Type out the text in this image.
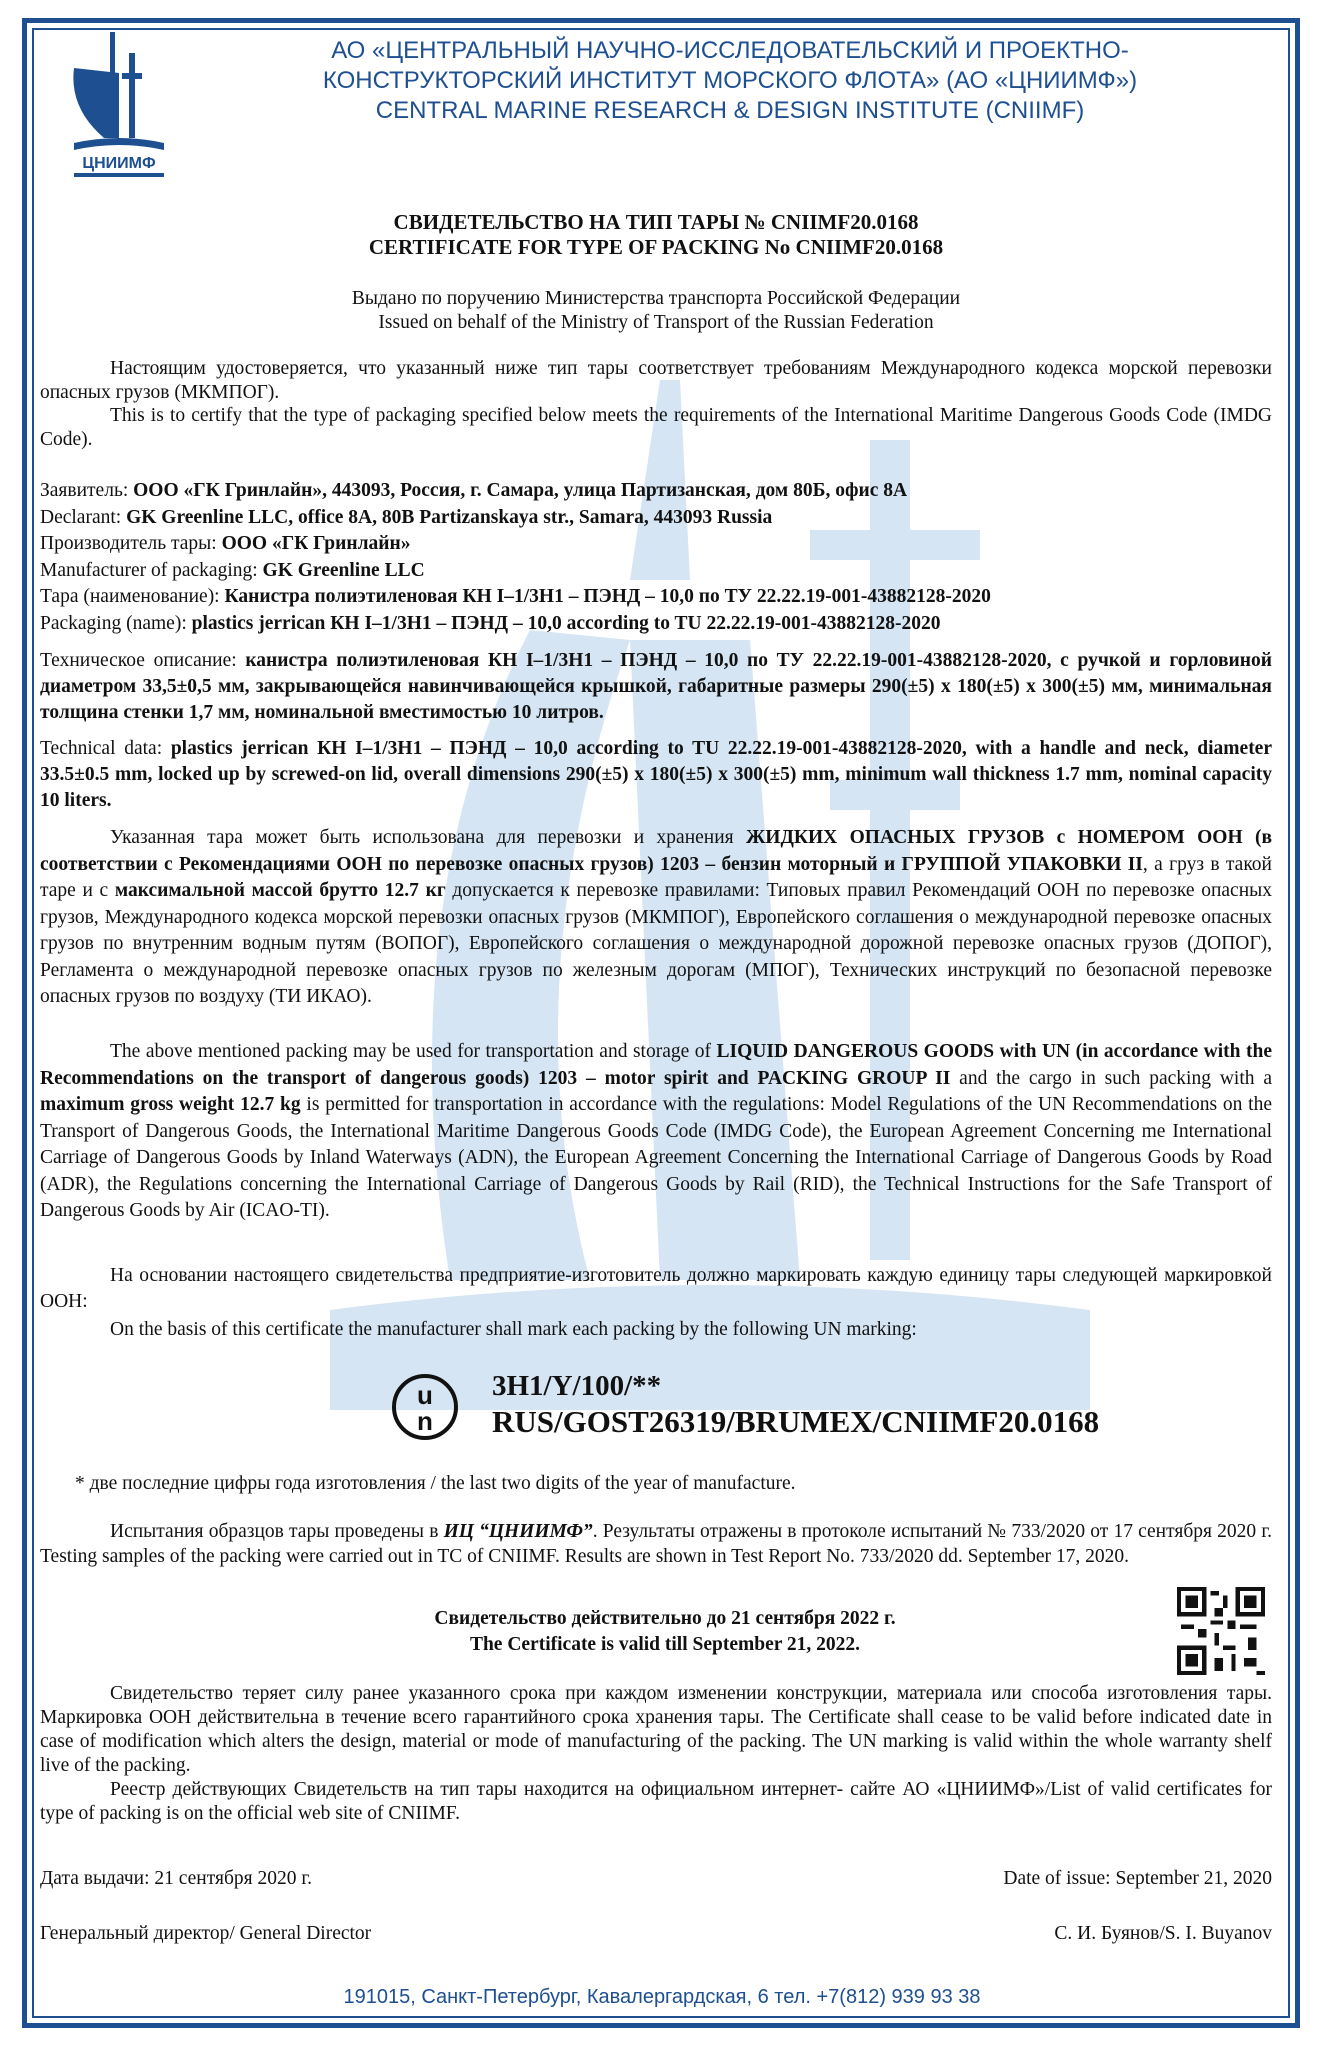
ЦНИИМФ
АО «ЦЕНТРАЛЬНЫЙ НАУЧНО-ИССЛЕДОВАТЕЛЬСКИЙ И ПРОЕКТНО-
КОНСТРУКТОРСКИЙ ИНСТИТУТ МОРСКОГО ФЛОТА» (АО «ЦНИИМФ»)
CENTRAL MARINE RESEARCH & DESIGN INSTITUTE (CNIIMF)
СВИДЕТЕЛЬСТВО НА ТИП ТАРЫ № CNIIMF20.0168
CERTIFICATE FOR TYPE OF PACKING No CNIIMF20.0168
Выдано по поручению Министерства транспорта Российской Федерации
Issued on behalf of the Ministry of Transport of the Russian Federation
Настоящим удостоверяется, что указанный ниже тип тары соответствует требованиям Международного кодекса морской перевозки опасных грузов (МКМПОГ).
This is to certify that the type of packaging specified below meets the requirements of the International Maritime Dangerous Goods Code (IMDG Code).
Заявитель: ООО «ГК Гринлайн», 443093, Россия, г. Самара, улица Партизанская, дом 80Б, офис 8А
Declarant: GK Greenline LLC, office 8A, 80B Partizanskaya str., Samara, 443093 Russia
Производитель тары: ООО «ГК Гринлайн»
Manufacturer of packaging: GK Greenline LLC
Тара (наименование): Канистра полиэтиленовая КН I–1/3Н1 – ПЭНД – 10,0 по ТУ 22.22.19-001-43882128-2020
Packaging (name): plastics jerrican КН I–1/3Н1 – ПЭНД – 10,0 according to TU 22.22.19-001-43882128-2020
Техническое описание: канистра полиэтиленовая КН I–1/3Н1 – ПЭНД – 10,0 по ТУ 22.22.19-001-43882128-2020, с ручкой и горловиной диаметром 33,5±0,5 мм, закрывающейся навинчивающейся крышкой, габаритные размеры 290(±5) х 180(±5) х 300(±5) мм, минимальная толщина стенки 1,7 мм, номинальной вместимостью 10 литров.
Technical data: plastics jerrican КН I–1/3Н1 – ПЭНД – 10,0 according to TU 22.22.19-001-43882128-2020, with a handle and neck, diameter 33.5±0.5 mm, locked up by screwed-on lid, overall dimensions 290(±5) x 180(±5) x 300(±5) mm, minimum wall thickness 1.7 mm, nominal capacity 10 liters.
Указанная тара может быть использована для перевозки и хранения ЖИДКИХ ОПАСНЫХ ГРУЗОВ с НОМЕРОМ ООН (в соответствии с Рекомендациями ООН по перевозке опасных грузов) 1203 – бензин моторный и ГРУППОЙ УПАКОВКИ II, а груз в такой таре и с максимальной массой брутто 12.7 кг допускается к перевозке правилами: Типовых правил Рекомендаций ООН по перевозке опасных грузов, Международного кодекса морской перевозки опасных грузов (МКМПОГ), Европейского соглашения о международной перевозке опасных грузов по внутренним водным путям (ВОПОГ), Европейского соглашения о международной дорожной перевозке опасных грузов (ДОПОГ), Регламента о международной перевозке опасных грузов по железным дорогам (МПОГ), Технических инструкций по безопасной перевозке опасных грузов по воздуху (ТИ ИКАО).
The above mentioned packing may be used for transportation and storage of LIQUID DANGEROUS GOODS with UN (in accordance with the Recommendations on the transport of dangerous goods) 1203 – motor spirit and PACKING GROUP II and the cargo in such packing with a maximum gross weight 12.7 kg is permitted for transportation in accordance with the regulations: Model Regulations of the UN Recommendations on the Transport of Dangerous Goods, the International Maritime Dangerous Goods Code (IMDG Code), the European Agreement Concerning me International Carriage of Dangerous Goods by Inland Waterways (ADN), the European Agreement Concerning the International Carriage of Dangerous Goods by Road (ADR), the Regulations concerning the International Carriage of Dangerous Goods by Rail (RID), the Technical Instructions for the Safe Transport of Dangerous Goods by Air (ICAO-TI).
На основании настоящего свидетельства предприятие-изготовитель должно маркировать каждую единицу тары следующей маркировкой ООН:
On the basis of this certificate the manufacturer shall mark each packing by the following UN marking:
u
n
3H1/Y/100/**
RUS/GOST26319/BRUMEX/CNIIMF20.0168
* две последние цифры года изготовления / the last two digits of the year of manufacture.
Испытания образцов тары проведены в ИЦ “ЦНИИМФ”. Результаты отражены в протоколе испытаний № 733/2020 от 17 сентября 2020 г. Testing samples of the packing were carried out in TC of CNIIMF. Results are shown in Test Report No. 733/2020 dd. September 17, 2020.
Свидетельство действительно до 21 сентября 2022 г.
The Certificate is valid till September 21, 2022.
Свидетельство теряет силу ранее указанного срока при каждом изменении конструкции, материала или способа изготовления тары. Маркировка ООН действительна в течение всего гарантийного срока хранения тары. The Certificate shall cease to be valid before indicated date in case of modification which alters the design, material or mode of manufacturing of the packing. The UN marking is valid within the whole warranty shelf live of the packing.
Реестр действующих Свидетельств на тип тары находится на официальном интернет- сайте АО «ЦНИИМФ»/List of valid certificates for type of packing is on the official web site of CNIIMF.
Дата выдачи: 21 сентября 2020 г.	Date of issue: September 21, 2020
Генеральный директор/ General Director	С. И. Буянов/S. I. Buyanov
191015, Санкт-Петербург, Кавалергардская, 6 тел. +7(812) 939 93 38
